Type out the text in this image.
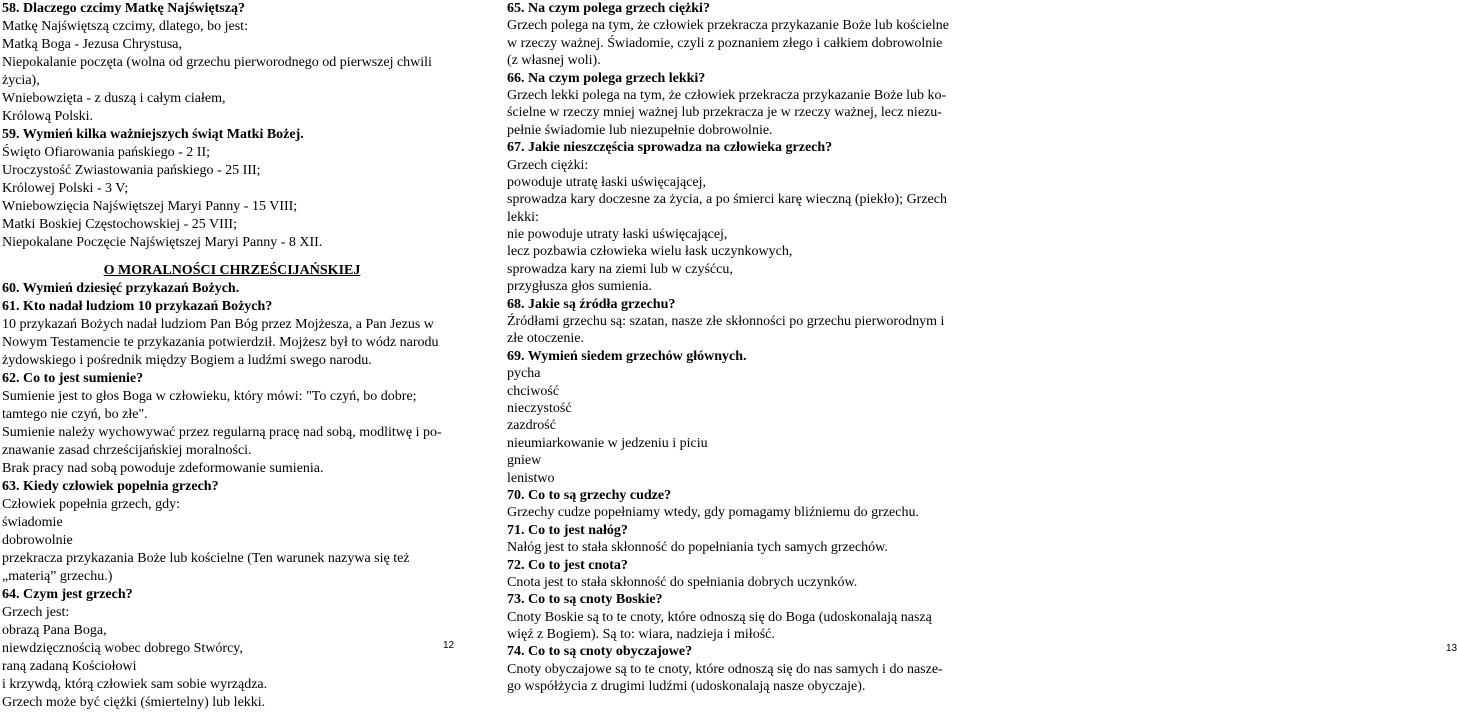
58. Dlaczego czcimy Matkę Najświętszą?
Matkę Najświętszą czcimy, dlatego, bo jest:
Matką Boga - Jezusa Chrystusa,
Niepokalanie poczęta (wolna od grzechu pierworodnego od pierwszej chwili
życia),
Wniebowzięta - z duszą i całym ciałem,
Królową Polski.
59. Wymień kilka ważniejszych świąt Matki Bożej.
Święto Ofiarowania pańskiego - 2 II;
Uroczystość Zwiastowania pańskiego - 25 III;
Królowej Polski - 3 V;
Wniebowzięcia Najświętszej Maryi Panny - 15 VIII;
Matki Boskiej Częstochowskiej - 25 VIII;
Niepokalane Poczęcie Najświętszej Maryi Panny - 8 XII.
O MORALNOŚCI CHRZEŚCIJAŃSKIEJ
60. Wymień dziesięć przykazań Bożych.
61. Kto nadał ludziom 10 przykazań Bożych?
10 przykazań Bożych nadał ludziom Pan Bóg przez Mojżesza, a Pan Jezus w
Nowym Testamencie te przykazania potwierdził. Mojżesz był to wódz narodu
żydowskiego i pośrednik między Bogiem a ludźmi swego narodu.
62. Co to jest sumienie?
Sumienie jest to głos Boga w człowieku, który mówi: "To czyń, bo dobre;
tamtego nie czyń, bo złe".
Sumienie należy wychowywać przez regularną pracę nad sobą, modlitwę i po-
znawanie zasad chrześcijańskiej moralności.
Brak pracy nad sobą powoduje zdeformowanie sumienia.
63. Kiedy człowiek popełnia grzech?
Człowiek popełnia grzech, gdy:
świadomie
dobrowolnie
przekracza przykazania Boże lub kościelne (Ten warunek nazywa się też
„materią” grzechu.)
64. Czym jest grzech?
Grzech jest:
obrazą Pana Boga,
niewdzięcznością wobec dobrego Stwórcy,
raną zadaną Kościołowi
i krzywdą, którą człowiek sam sobie wyrządza.
Grzech może być ciężki (śmiertelny) lub lekki.
12
65. Na czym polega grzech ciężki?
Grzech polega na tym, że człowiek przekracza przykazanie Boże lub kościelne
w rzeczy ważnej. Świadomie, czyli z poznaniem złego i całkiem dobrowolnie
(z własnej woli).
66. Na czym polega grzech lekki?
Grzech lekki polega na tym, że człowiek przekracza przykazanie Boże lub ko-
ścielne w rzeczy mniej ważnej lub przekracza je w rzeczy ważnej, lecz niezu-
pełnie świadomie lub niezupełnie dobrowolnie.
67. Jakie nieszczęścia sprowadza na człowieka grzech?
Grzech ciężki:
powoduje utratę łaski uświęcającej,
sprowadza kary doczesne za życia, a po śmierci karę wieczną (piekło); Grzech
lekki:
nie powoduje utraty łaski uświęcającej,
lecz pozbawia człowieka wielu łask uczynkowych,
sprowadza kary na ziemi lub w czyśćcu,
przygłusza głos sumienia.
68. Jakie są źródła grzechu?
Źródłami grzechu są: szatan, nasze złe skłonności po grzechu pierworodnym i
złe otoczenie.
69. Wymień siedem grzechów głównych.
pycha
chciwość
nieczystość
zazdrość
nieumiarkowanie w jedzeniu i piciu
gniew
lenistwo
70. Co to są grzechy cudze?
Grzechy cudze popełniamy wtedy, gdy pomagamy bliźniemu do grzechu.
71. Co to jest nałóg?
Nałóg jest to stała skłonność do popełniania tych samych grzechów.
72. Co to jest cnota?
Cnota jest to stała skłonność do spełniania dobrych uczynków.
73. Co to są cnoty Boskie?
Cnoty Boskie są to te cnoty, które odnoszą się do Boga (udoskonalają naszą
więź z Bogiem). Są to: wiara, nadzieja i miłość.
74. Co to są cnoty obyczajowe?
Cnoty obyczajowe są to te cnoty, które odnoszą się do nas samych i do nasze-
go współżycia z drugimi ludźmi (udoskonalają nasze obyczaje).
13
